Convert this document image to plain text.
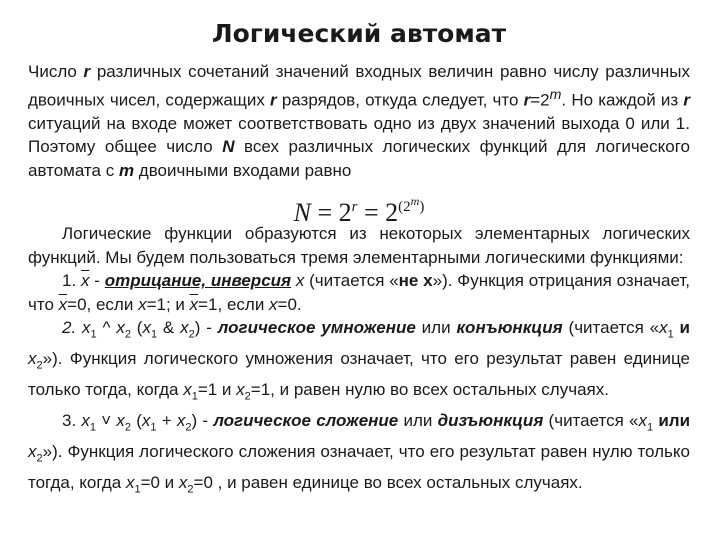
Логический автомат

Число r различных сочетаний значений входных величин равно числу различных двоичных чисел, содержащих r разрядов, откуда следует, что $r=2^m$. Но каждой из r ситуаций на входе может соответствовать одно из двух значений выхода 0 или 1. Поэтому общее число N всех различных логических функций для логического автомата с m двоичными входами равно

$N = 2^r = 2^{(2^m)}$

Логические функции образуются из некоторых элементарных логических функций. Мы будем пользоваться тремя элементарными логическими функциями:

1. $\overline{x}$ - отрицание, инверсия x (читается «не x»). Функция отрицания означает, что $\overline{x}=0$, если x=1; и $\overline{x}=1$, если x=0.

2. $x_1$ ^ $x_2$ ($x_1$ & $x_2$) - логическое умножение или конъюнкция (читается «$x_1$ и $x_2$»). Функция логического умножения означает, что его результат равен единице только тогда, когда $x_1=1$ и $x_2=1$, и равен нулю во всех остальных случаях.

3. $x_1$ ˅ $x_2$ $(x_1 + x_2)$ - логическое сложение или дизъюнкция (читается «$x_1$ или $x_2$»). Функция логического сложения означает, что его результат равен нулю только тогда, когда $x_1=0$ и $x_2=0$ , и равен единице во всех остальных случаях.
